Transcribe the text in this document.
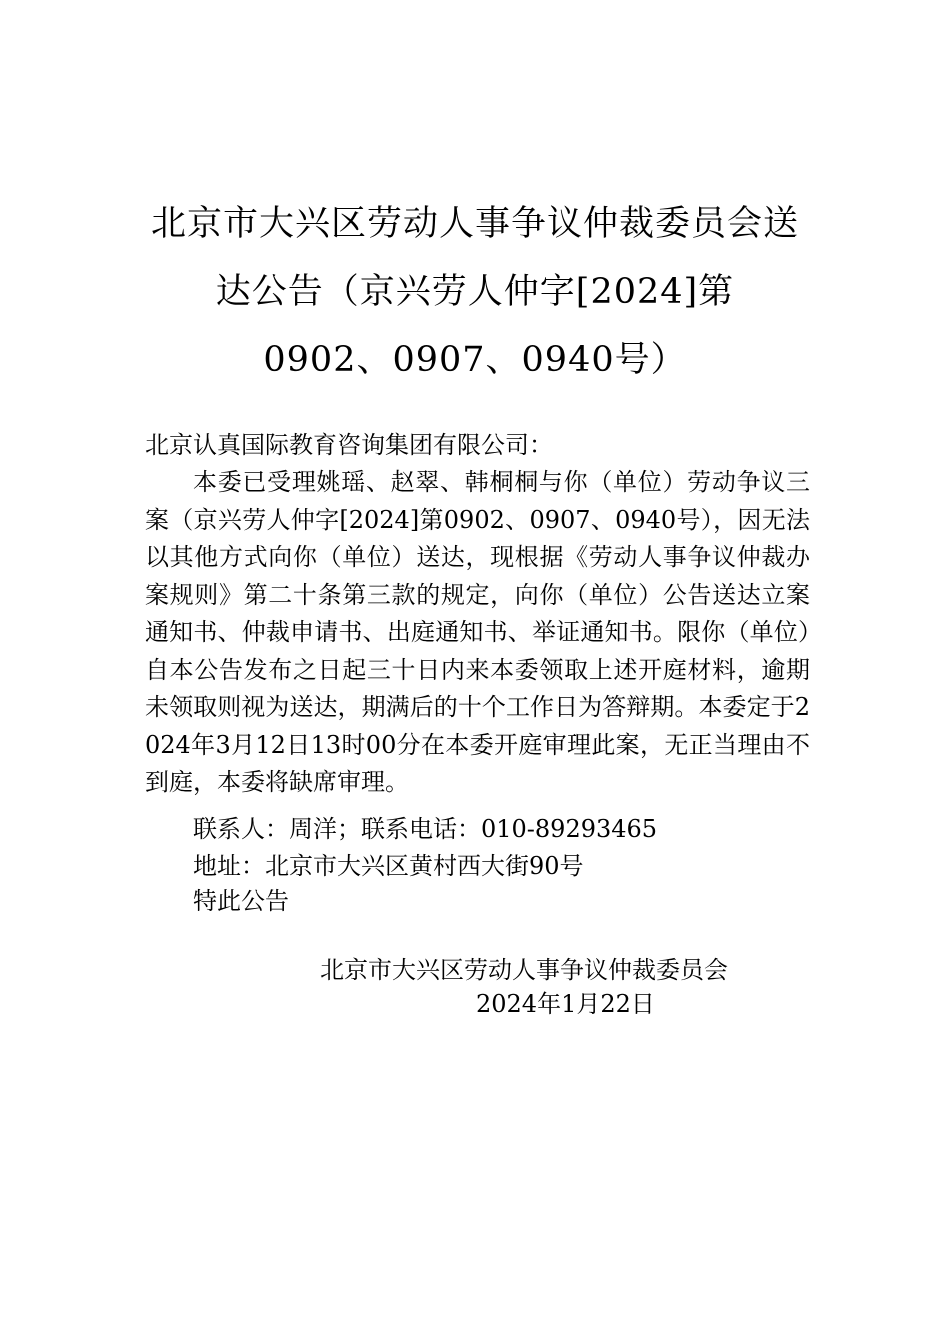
北京市大兴区劳动人事争议仲裁委员会送
达公告（京兴劳人仲字[2024]第
0902、0907、0940号）
北京认真国际教育咨询集团有限公司：
本委已受理姚瑶、赵翠、韩桐桐与你（单位）劳动争议三案（京兴劳人仲字[2024]第0902、0907、0940号），因无法以其他方式向你（单位）送达，现根据《劳动人事争议仲裁办案规则》第二十条第三款的规定，向你（单位）公告送达立案通知书、仲裁申请书、出庭通知书、举证通知书。限你（单位）自本公告发布之日起三十日内来本委领取上述开庭材料，逾期未领取则视为送达，期满后的十个工作日为答辩期。本委定于2024年3月12日13时00分在本委开庭审理此案，无正当理由不到庭，本委将缺席审理。
联系人：周洋；联系电话：010-89293465
地址：北京市大兴区黄村西大街90号
特此公告
北京市大兴区劳动人事争议仲裁委员会
2024年1月22日
